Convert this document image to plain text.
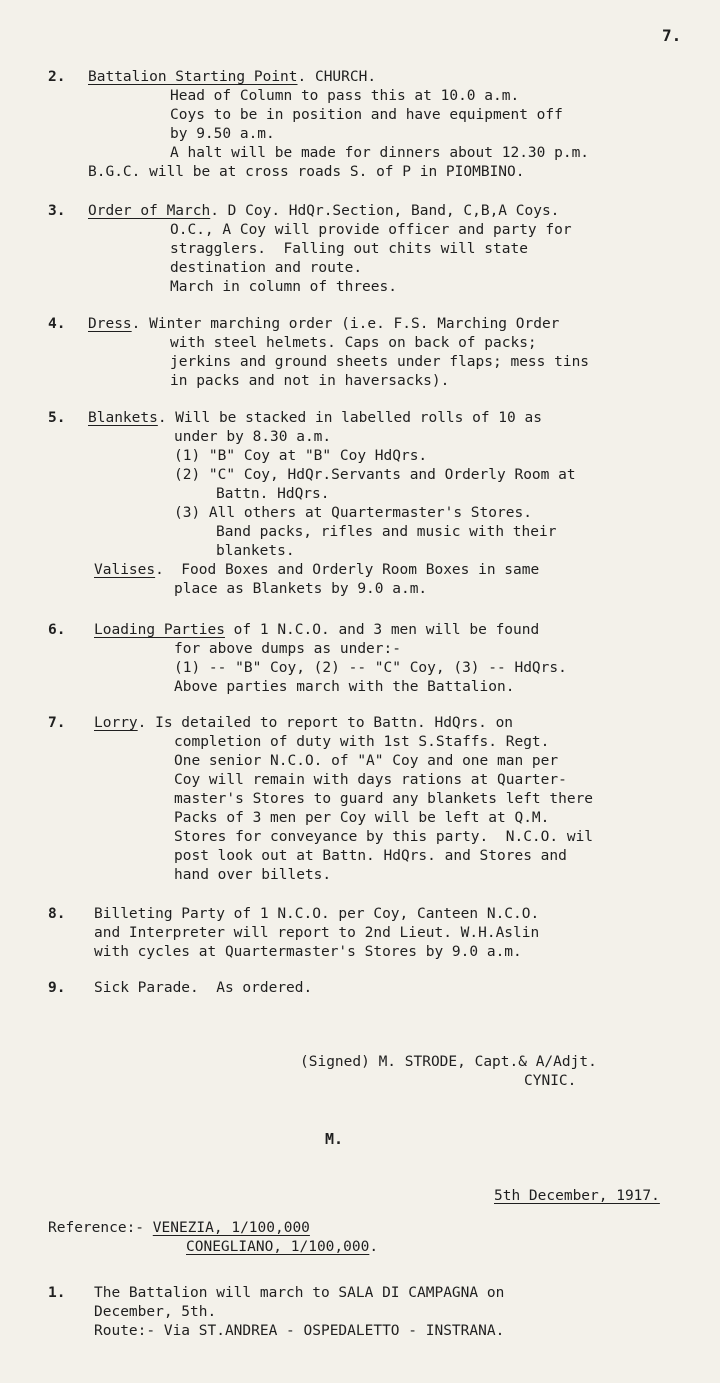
7.
2.	Battalion Starting Point. CHURCH.
Head of Column to pass this at 10.0 a.m.
Coys to be in position and have equipment off
by 9.50 a.m.
A halt will be made for dinners about 12.30 p.m.
B.G.C. will be at cross roads S. of P in PIOMBINO.
3.	Order of March. D Coy. HdQr.Section, Band, C,B,A Coys.
O.C., A Coy will provide officer and party for
stragglers.  Falling out chits will state
destination and route.
March in column of threes.
4.	Dress. Winter marching order (i.e. F.S. Marching Order
with steel helmets. Caps on back of packs;
jerkins and ground sheets under flaps; mess tins
in packs and not in haversacks).
5.	Blankets. Will be stacked in labelled rolls of 10 as
under by 8.30 a.m.
(1) "B" Coy at "B" Coy HdQrs.
(2) "C" Coy, HdQr.Servants and Orderly Room at
Battn. HdQrs.
(3) All others at Quartermaster's Stores.
Band packs, rifles and music with their
blankets.
Valises.  Food Boxes and Orderly Room Boxes in same
place as Blankets by 9.0 a.m.
6.	Loading Parties of 1 N.C.O. and 3 men will be found
for above dumps as under:-
(1) -- "B" Coy, (2) -- "C" Coy, (3) -- HdQrs.
Above parties march with the Battalion.
7.	Lorry. Is detailed to report to Battn. HdQrs. on
completion of duty with 1st S.Staffs. Regt.
One senior N.C.O. of "A" Coy and one man per
Coy will remain with days rations at Quarter-
master's Stores to guard any blankets left there
Packs of 3 men per Coy will be left at Q.M.
Stores for conveyance by this party.  N.C.O. wil
post look out at Battn. HdQrs. and Stores and
hand over billets.
8.	Billeting Party of 1 N.C.O. per Coy, Canteen N.C.O.
and Interpreter will report to 2nd Lieut. W.H.Aslin
with cycles at Quartermaster's Stores by 9.0 a.m.
9.	Sick Parade.  As ordered.
(Signed) M. STRODE, Capt.& A/Adjt.
CYNIC.
M.
5th December, 1917.
Reference:- VENEZIA, 1/100,000
CONEGLIANO, 1/100,000.
1.	The Battalion will march to SALA DI CAMPAGNA on
December, 5th.
Route:- Via ST.ANDREA - OSPEDALETTO - INSTRANA.
